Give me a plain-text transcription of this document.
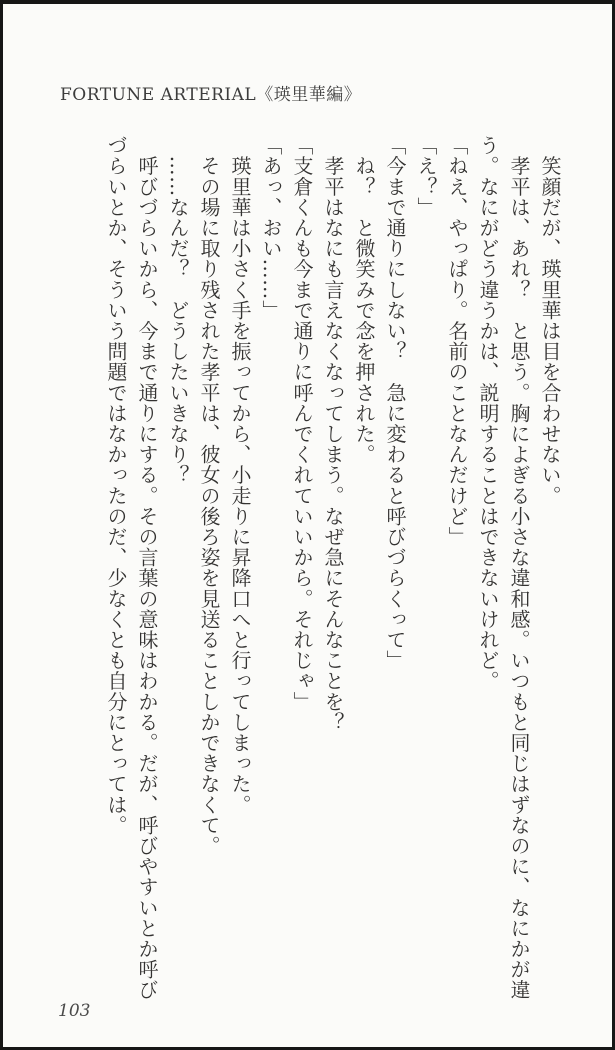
FORTUNE ARTERIAL《瑛里華編》

　笑顔だが、瑛里華は目を合わせない。

　孝平は、あれ？　と思う。胸によぎる小さな違和感。いつもと同じはずなのに、なにかが違

う。なにがどう違うかは、説明することはできないけれど。

「ねえ、やっぱり。名前のことなんだけど」

「え？」

「今まで通りにしない？　急に変わると呼びづらくって」

　ね？　と微笑みで念を押された。

　孝平はなにも言えなくなってしまう。なぜ急にそんなことを？

「支倉くんも今まで通りに呼んでくれていいから。それじゃ」

「あっ、おい……」

　瑛里華は小さく手を振ってから、小走りに昇降口へと行ってしまった。

　その場に取り残された孝平は、彼女の後ろ姿を見送ることしかできなくて。

　……なんだ？　どうしたいきなり？

　呼びづらいから、今まで通りにする。その言葉の意味はわかる。だが、呼びやすいとか呼び

づらいとか、そういう問題ではなかったのだ、少なくとも自分にとっては。

103
